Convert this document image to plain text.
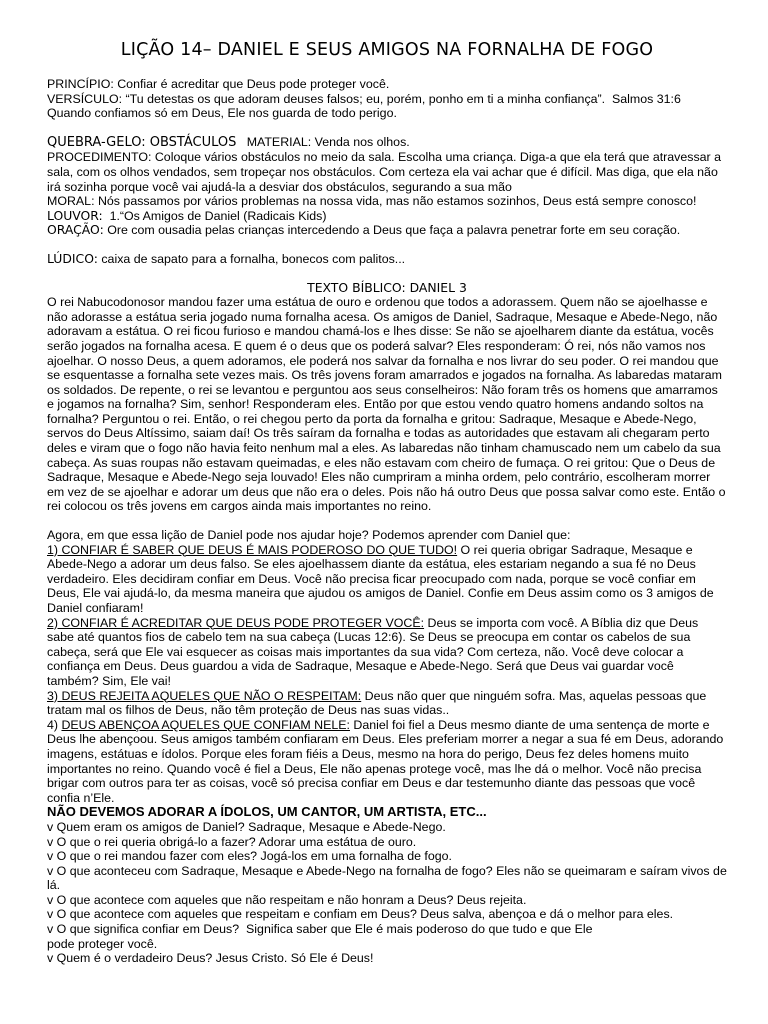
LIÇÃO 14– DANIEL E SEUS AMIGOS NA FORNALHA DE FOGO
PRINCÍPIO: Confiar é acreditar que Deus pode proteger você.
VERSÍCULO: “Tu detestas os que adoram deuses falsos; eu, porém, ponho em ti a minha confiança”.  Salmos 31:6
Quando confiamos só em Deus, Ele nos guarda de todo perigo.
QUEBRA-GELO: OBSTÁCULOS MATERIAL: Venda nos olhos.
PROCEDIMENTO: Coloque vários obstáculos no meio da sala. Escolha uma criança. Diga-a que ela terá que atravessar a sala, com os olhos vendados, sem tropeçar nos obstáculos. Com certeza ela vai achar que é difícil. Mas diga, que ela não irá sozinha porque você vai ajudá-la a desviar dos obstáculos, segurando a sua mão
MORAL: Nós passamos por vários problemas na nossa vida, mas não estamos sozinhos, Deus está sempre conosco!
LOUVOR:  1.“Os Amigos de Daniel (Radicais Kids)
ORAÇÃO: Ore com ousadia pelas crianças intercedendo a Deus que faça a palavra penetrar forte em seu coração.
LÚDICO: caixa de sapato para a fornalha, bonecos com palitos...
TEXTO BÍBLICO: DANIEL 3
O rei Nabucodonosor mandou fazer uma estátua de ouro e ordenou que todos a adorassem. Quem não se ajoelhasse e não adorasse a estátua seria jogado numa fornalha acesa. Os amigos de Daniel, Sadraque, Mesaque e Abede-Nego, não adoravam a estátua. O rei ficou furioso e mandou chamá-los e lhes disse: Se não se ajoelharem diante da estátua, vocês serão jogados na fornalha acesa. E quem é o deus que os poderá salvar? Eles responderam: Ó rei, nós não vamos nos ajoelhar. O nosso Deus, a quem adoramos, ele poderá nos salvar da fornalha e nos livrar do seu poder. O rei mandou que se esquentasse a fornalha sete vezes mais. Os três jovens foram amarrados e jogados na fornalha. As labaredas mataram os soldados. De repente, o rei se levantou e perguntou aos seus conselheiros: Não foram três os homens que amarramos e jogamos na fornalha? Sim, senhor! Responderam eles. Então por que estou vendo quatro homens andando soltos na fornalha? Perguntou o rei. Então, o rei chegou perto da porta da fornalha e gritou: Sadraque, Mesaque e Abede-Nego, servos do Deus Altíssimo, saiam daí! Os três saíram da fornalha e todas as autoridades que estavam ali chegaram perto deles e viram que o fogo não havia feito nenhum mal a eles. As labaredas não tinham chamuscado nem um cabelo da sua cabeça. As suas roupas não estavam queimadas, e eles não estavam com cheiro de fumaça. O rei gritou: Que o Deus de Sadraque, Mesaque e Abede-Nego seja louvado! Eles não cumpriram a minha ordem, pelo contrário, escolheram morrer em vez de se ajoelhar e adorar um deus que não era o deles. Pois não há outro Deus que possa salvar como este. Então o rei colocou os três jovens em cargos ainda mais importantes no reino.
Agora, em que essa lição de Daniel pode nos ajudar hoje? Podemos aprender com Daniel que:
1) CONFIAR É SABER QUE DEUS É MAIS PODEROSO DO QUE TUDO! O rei queria obrigar Sadraque, Mesaque e Abede-Nego a adorar um deus falso. Se eles ajoelhassem diante da estátua, eles estariam negando a sua fé no Deus verdadeiro. Eles decidiram confiar em Deus. Você não precisa ficar preocupado com nada, porque se você confiar em Deus, Ele vai ajudá-lo, da mesma maneira que ajudou os amigos de Daniel. Confie em Deus assim como os 3 amigos de Daniel confiaram!
2) CONFIAR É ACREDITAR QUE DEUS PODE PROTEGER VOCÊ: Deus se importa com você. A Bíblia diz que Deus sabe até quantos fios de cabelo tem na sua cabeça (Lucas 12:6). Se Deus se preocupa em contar os cabelos de sua cabeça, será que Ele vai esquecer as coisas mais importantes da sua vida? Com certeza, não. Você deve colocar a confiança em Deus. Deus guardou a vida de Sadraque, Mesaque e Abede-Nego. Será que Deus vai guardar você também? Sim, Ele vai!
3) DEUS REJEITA AQUELES QUE NÃO O RESPEITAM: Deus não quer que ninguém sofra. Mas, aquelas pessoas que tratam mal os filhos de Deus, não têm proteção de Deus nas suas vidas..
4) DEUS ABENÇOA AQUELES QUE CONFIAM NELE: Daniel foi fiel a Deus mesmo diante de uma sentença de morte e Deus lhe abençoou. Seus amigos também confiaram em Deus. Eles preferiam morrer a negar a sua fé em Deus, adorando imagens, estátuas e ídolos. Porque eles foram fiéis a Deus, mesmo na hora do perigo, Deus fez deles homens muito importantes no reino. Quando você é fiel a Deus, Ele não apenas protege você, mas lhe dá o melhor. Você não precisa brigar com outros para ter as coisas, você só precisa confiar em Deus e dar testemunho diante das pessoas que você confia n’Ele.
NÃO DEVEMOS ADORAR A ÍDOLOS, UM CANTOR, UM ARTISTA, ETC...
v Quem eram os amigos de Daniel? Sadraque, Mesaque e Abede-Nego.
v O que o rei queria obrigá-lo a fazer? Adorar uma estátua de ouro.
v O que o rei mandou fazer com eles? Jogá-los em uma fornalha de fogo.
v O que aconteceu com Sadraque, Mesaque e Abede-Nego na fornalha de fogo? Eles não se queimaram e saíram vivos de lá.
v O que acontece com aqueles que não respeitam e não honram a Deus? Deus rejeita.
v O que acontece com aqueles que respeitam e confiam em Deus? Deus salva, abençoa e dá o melhor para eles.
v O que significa confiar em Deus?  Significa saber que Ele é mais poderoso do que tudo e que Ele
pode proteger você.
v Quem é o verdadeiro Deus? Jesus Cristo. Só Ele é Deus!
